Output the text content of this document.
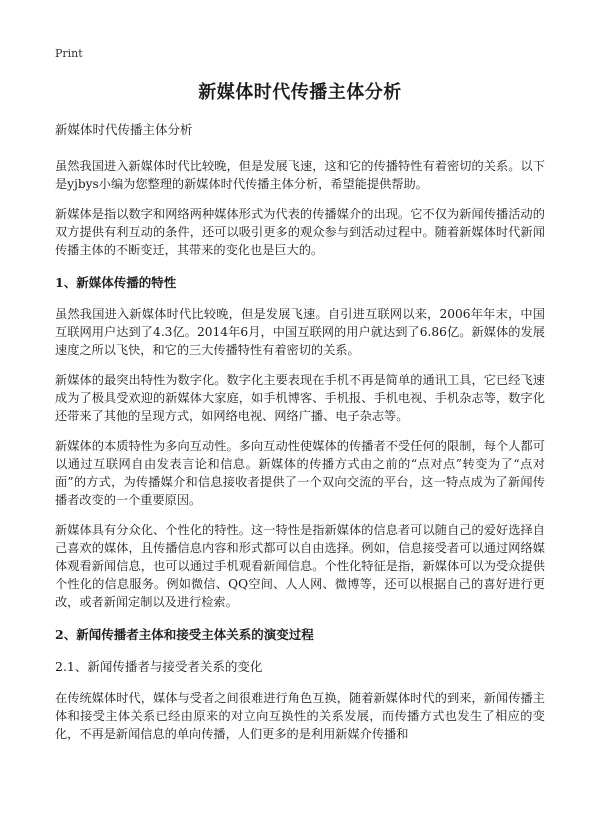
Print
新媒体时代传播主体分析
新媒体时代传播主体分析

虽然我国进入新媒体时代比较晚，但是发展飞速，这和它的传播特性有着密切的关系。以下是yjbys小编为您整理的新媒体时代传播主体分析，希望能提供帮助。

新媒体是指以数字和网络两种媒体形式为代表的传播媒介的出现。它不仅为新闻传播活动的双方提供有利互动的条件，还可以吸引更多的观众参与到活动过程中。随着新媒体时代新闻传播主体的不断变迁，其带来的变化也是巨大的。

1、新媒体传播的特性

虽然我国进入新媒体时代比较晚，但是发展飞速。自引进互联网以来，2006年年末，中国互联网用户达到了4.3亿。2014年6月，中国互联网的用户就达到了6.86亿。新媒体的发展速度之所以飞快，和它的三大传播特性有着密切的关系。

新媒体的最突出特性为数字化。数字化主要表现在手机不再是简单的通讯工具，它已经飞速成为了极具受欢迎的新媒体大家庭，如手机博客、手机报、手机电视、手机杂志等，数字化还带来了其他的呈现方式，如网络电视、网络广播、电子杂志等。

新媒体的本质特性为多向互动性。多向互动性使媒体的传播者不受任何的限制，每个人都可以通过互联网自由发表言论和信息。新媒体的传播方式由之前的“点对点”转变为了“点对面”的方式，为传播媒介和信息接收者提供了一个双向交流的平台，这一特点成为了新闻传播者改变的一个重要原因。

新媒体具有分众化、个性化的特性。这一特性是指新媒体的信息者可以随自己的爱好选择自己喜欢的媒体，且传播信息内容和形式都可以自由选择。例如，信息接受者可以通过网络媒体观看新闻信息，也可以通过手机观看新闻信息。个性化特征是指，新媒体可以为受众提供个性化的信息服务。例如微信、QQ空间、人人网、微博等，还可以根据自己的喜好进行更改，或者新闻定制以及进行检索。

2、新闻传播者主体和接受主体关系的演变过程
2.1、新闻传播者与接受者关系的变化

在传统媒体时代，媒体与受者之间很难进行角色互换，随着新媒体时代的到来，新闻传播主体和接受主体关系已经由原来的对立向互换性的关系发展，而传播方式也发生了相应的变化，不再是新闻信息的单向传播，人们更多的是利用新媒介传播和
